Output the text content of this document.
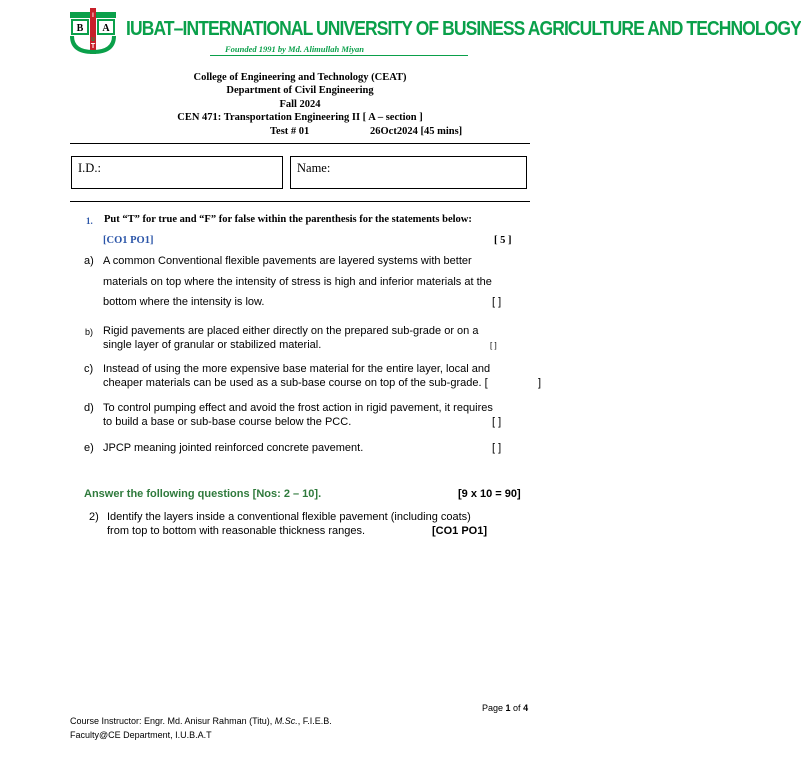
I
B A
T
U
IUBAT–INTERNATIONAL UNIVERSITY OF BUSINESS AGRICULTURE AND TECHNOLOGY
Founded 1991 by Md. Alimullah Miyan
College of Engineering and Technology (CEAT)
Department of Civil Engineering
Fall 2024
CEN 471: Transportation Engineering II [ A – section ]
Test # 01	26Oct2024 [45 mins]
I.D.:	Name:
1. Put “T” for true and “F” for false within the parenthesis for the statements below:
[CO1 PO1]	[ 5 ]
a) A common Conventional flexible pavements are layered systems with better
materials on top where the intensity of stress is high and inferior materials at the
bottom where the intensity is low.	[ ]
b) Rigid pavements are placed either directly on the prepared sub-grade or on a
single layer of granular or stabilized material.	[ ]
c) Instead of using the more expensive base material for the entire layer, local and
cheaper materials can be used as a sub-base course on top of the sub-grade. [	]
d) To control pumping effect and avoid the frost action in rigid pavement, it requires
to build a base or sub-base course below the PCC.	[ ]
e) JPCP meaning jointed reinforced concrete pavement.	[ ]
Answer the following questions [Nos: 2 – 10].	[9 x 10 = 90]
2) Identify the layers inside a conventional flexible pavement (including coats)
from top to bottom with reasonable thickness ranges.	[CO1 PO1]
Page 1 of 4
Course Instructor: Engr. Md. Anisur Rahman (Titu), M.Sc., F.I.E.B.
Faculty@CE Department, I.U.B.A.T
